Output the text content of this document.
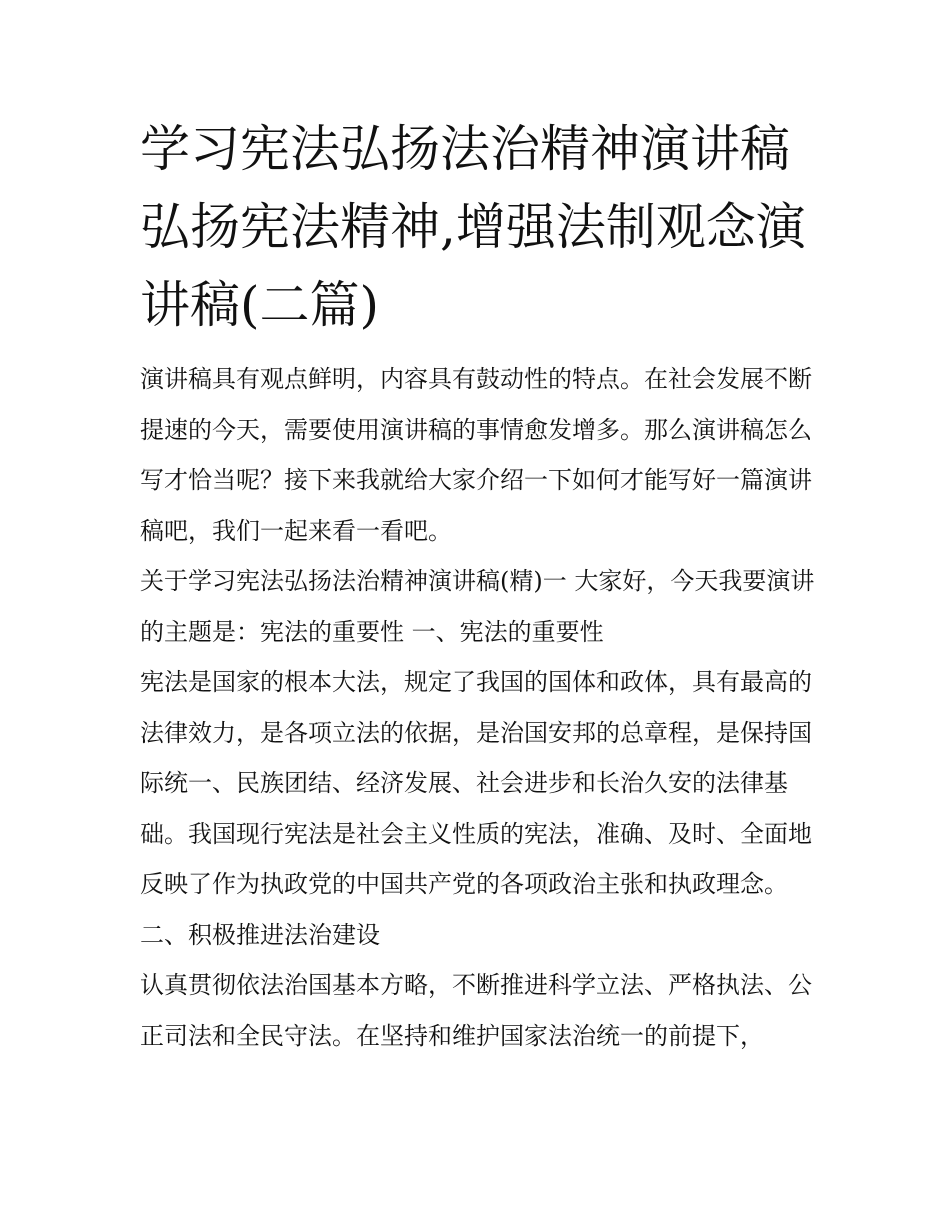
学习宪法弘扬法治精神演讲稿弘扬宪法精神,增强法制观念演讲稿(二篇)

演讲稿具有观点鲜明，内容具有鼓动性的特点。在社会发展不断提速的今天，需要使用演讲稿的事情愈发增多。那么演讲稿怎么写才恰当呢？接下来我就给大家介绍一下如何才能写好一篇演讲稿吧，我们一起来看一看吧。

关于学习宪法弘扬法治精神演讲稿(精)一 大家好，今天我要演讲的主题是：宪法的重要性 一、宪法的重要性

宪法是国家的根本大法，规定了我国的国体和政体，具有最高的法律效力，是各项立法的依据，是治国安邦的总章程，是保持国际统一、民族团结、经济发展、社会进步和长治久安的法律基础。我国现行宪法是社会主义性质的宪法，准确、及时、全面地反映了作为执政党的中国共产党的各项政治主张和执政理念。

二、积极推进法治建设

认真贯彻依法治国基本方略，不断推进科学立法、严格执法、公正司法和全民守法。在坚持和维护国家法治统一的前提下，
